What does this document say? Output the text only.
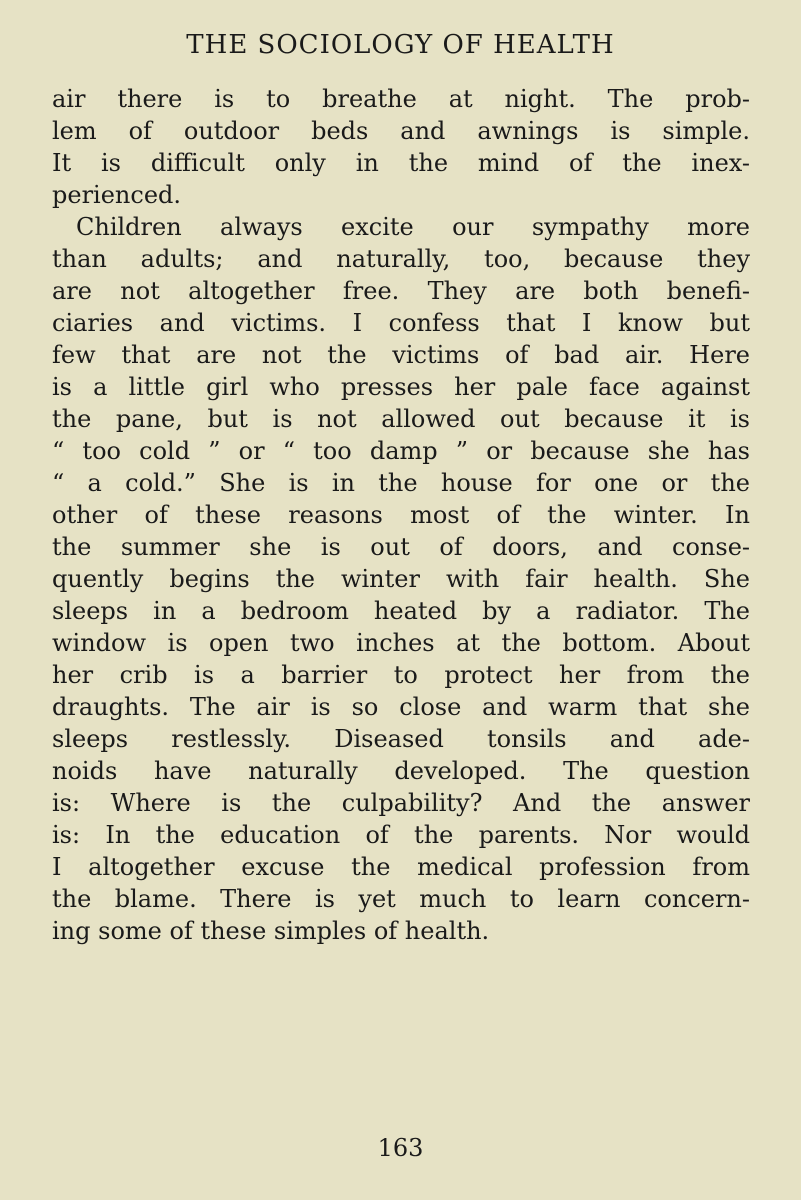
THE SOCIOLOGY OF HEALTH
air there is to breathe at night. The prob-
lem of outdoor beds and awnings is simple.
It is difficult only in the mind of the inex-
perienced.
Children always excite our sympathy more
than adults; and naturally, too, because they
are not altogether free. They are both benefi-
ciaries and victims. I confess that I know but
few that are not the victims of bad air. Here
is a little girl who presses her pale face against
the pane, but is not allowed out because it is
“ too cold ” or “ too damp ” or because she has
“ a cold.” She is in the house for one or the
other of these reasons most of the winter. In
the summer she is out of doors, and conse-
quently begins the winter with fair health. She
sleeps in a bedroom heated by a radiator. The
window is open two inches at the bottom. About
her crib is a barrier to protect her from the
draughts. The air is so close and warm that she
sleeps restlessly. Diseased tonsils and ade-
noids have naturally developed. The question
is: Where is the culpability? And the answer
is: In the education of the parents. Nor would
I altogether excuse the medical profession from
the blame. There is yet much to learn concern-
ing some of these simples of health.
163
